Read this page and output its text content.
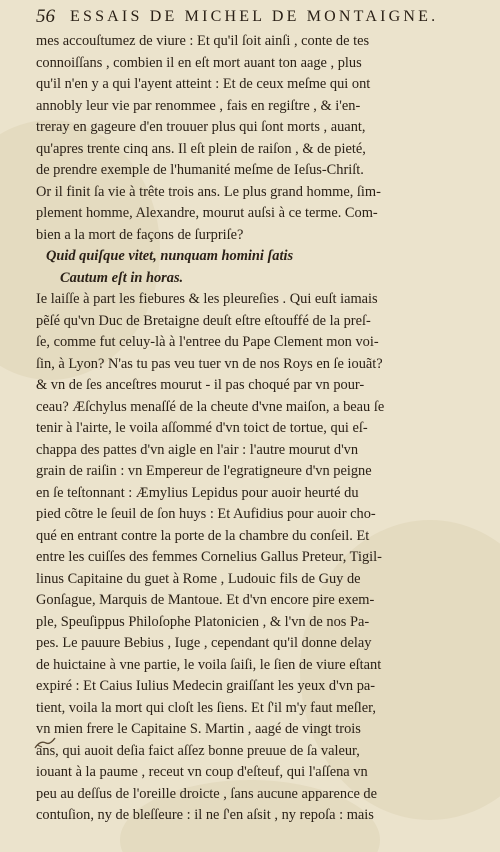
56 ESSAIS DE MICHEL DE MONTAIGNE.
mes accouſtumez de viure : Et qu'il ſoit ainſi , conte de tes
connoiſſans , combien il en eſt mort auant ton aage , plus
qu'il n'en y a qui l'ayent atteint : Et de ceux meſme qui ont
annobly leur vie par renommee , fais en regiſtre , & i'en-
treray en gageure d'en trouuer plus qui ſont morts , auant,
qu'apres trente cinq ans. Il eſt plein de raiſon , & de pieté,
de prendre exemple de l'humanité meſme de Ieſus-Chriſt.
Or il finit ſa vie à trête trois ans. Le plus grand homme, ſim-
plement homme, Alexandre, mourut auſsi à ce terme. Com-
bien a la mort de façons de ſurpriſe?
Quid quiſque vitet, nunquam homini ſatis
Cautum eſt in horas.
Ie laiſſe à part les fiebures & les pleureſies . Qui euſt iamais
pẽſé qu'vn Duc de Bretaigne deuſt eſtre eſtouffé de la preſ-
ſe, comme fut celuy-là à l'entree du Pape Clement mon voi-
ſin, à Lyon? N'as tu pas veu tuer vn de nos Roys en ſe iouãt?
& vn de ſes anceſtres mourut - il pas choqué par vn pour-
ceau? Æſchylus menaſſé de la cheute d'vne maiſon, a beau ſe
tenir à l'airte, le voila aſſommé d'vn toict de tortue, qui eſ-
chappa des pattes d'vn aigle en l'air : l'autre mourut d'vn
grain de raiſin : vn Empereur de l'egratigneure d'vn peigne
en ſe teſtonnant : Æmylius Lepidus pour auoir heurté du
pied cõtre le ſeuil de ſon huys : Et Aufidius pour auoir cho-
qué en entrant contre la porte de la chambre du conſeil. Et
entre les cuiſſes des femmes Cornelius Gallus Preteur, Tigil-
linus Capitaine du guet à Rome , Ludouic fils de Guy de
Gonſague, Marquis de Mantoue. Et d'vn encore pire exem-
ple, Speuſippus Philoſophe Platonicien , & l'vn de nos Pa-
pes. Le pauure Bebius , Iuge , cependant qu'il donne delay
de huictaine à vne partie, le voila ſaiſi, le ſien de viure eſtant
expiré : Et Caius Iulius Medecin graiſſant les yeux d'vn pa-
tient, voila la mort qui cloſt les ſiens. Et ſ'il m'y faut meſler,
vn mien frere le Capitaine S. Martin , aagé de vingt trois
ans, qui auoit deſia faict aſſez bonne preuue de ſa valeur,
iouant à la paume , receut vn coup d'eſteuf, qui l'aſſena vn
peu au deſſus de l'oreille droicte , ſans aucune apparence de
contuſion, ny de bleſſeure : il ne ſ'en aſsit , ny repoſa : mais
